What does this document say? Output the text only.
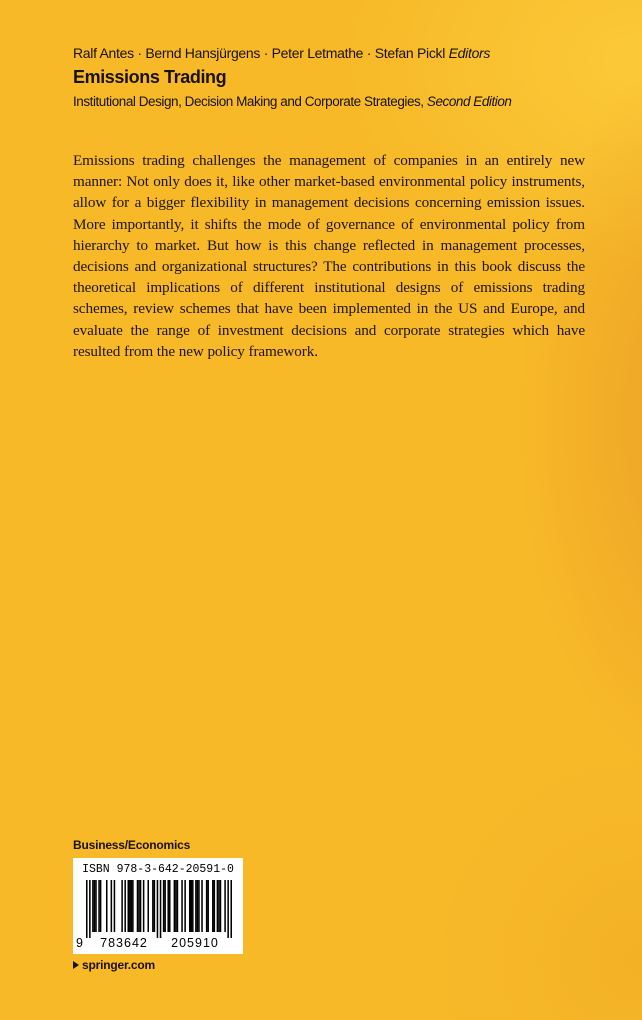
Ralf Antes · Bernd Hansjürgens · Peter Letmathe · Stefan Pickl Editors
Emissions Trading
Institutional Design, Decision Making and Corporate Strategies, Second Edition

Emissions trading challenges the management of companies in an entirely new manner: Not only does it, like other market-based environmental policy instruments, allow for a bigger flexibility in management decisions concerning emission issues. More importantly, it shifts the mode of governance of environmental policy from hierarchy to market. But how is this change reflected in management processes, decisions and organizational structures? The contributions in this book discuss the theoretical implications of different institutional designs of emissions trading schemes, review schemes that have been implemented in the US and Europe, and evaluate the range of investment decisions and corporate strategies which have resulted from the new policy framework.

Business/Economics
ISBN 978-3-642-20591-0
9	783642	205910
springer.com
